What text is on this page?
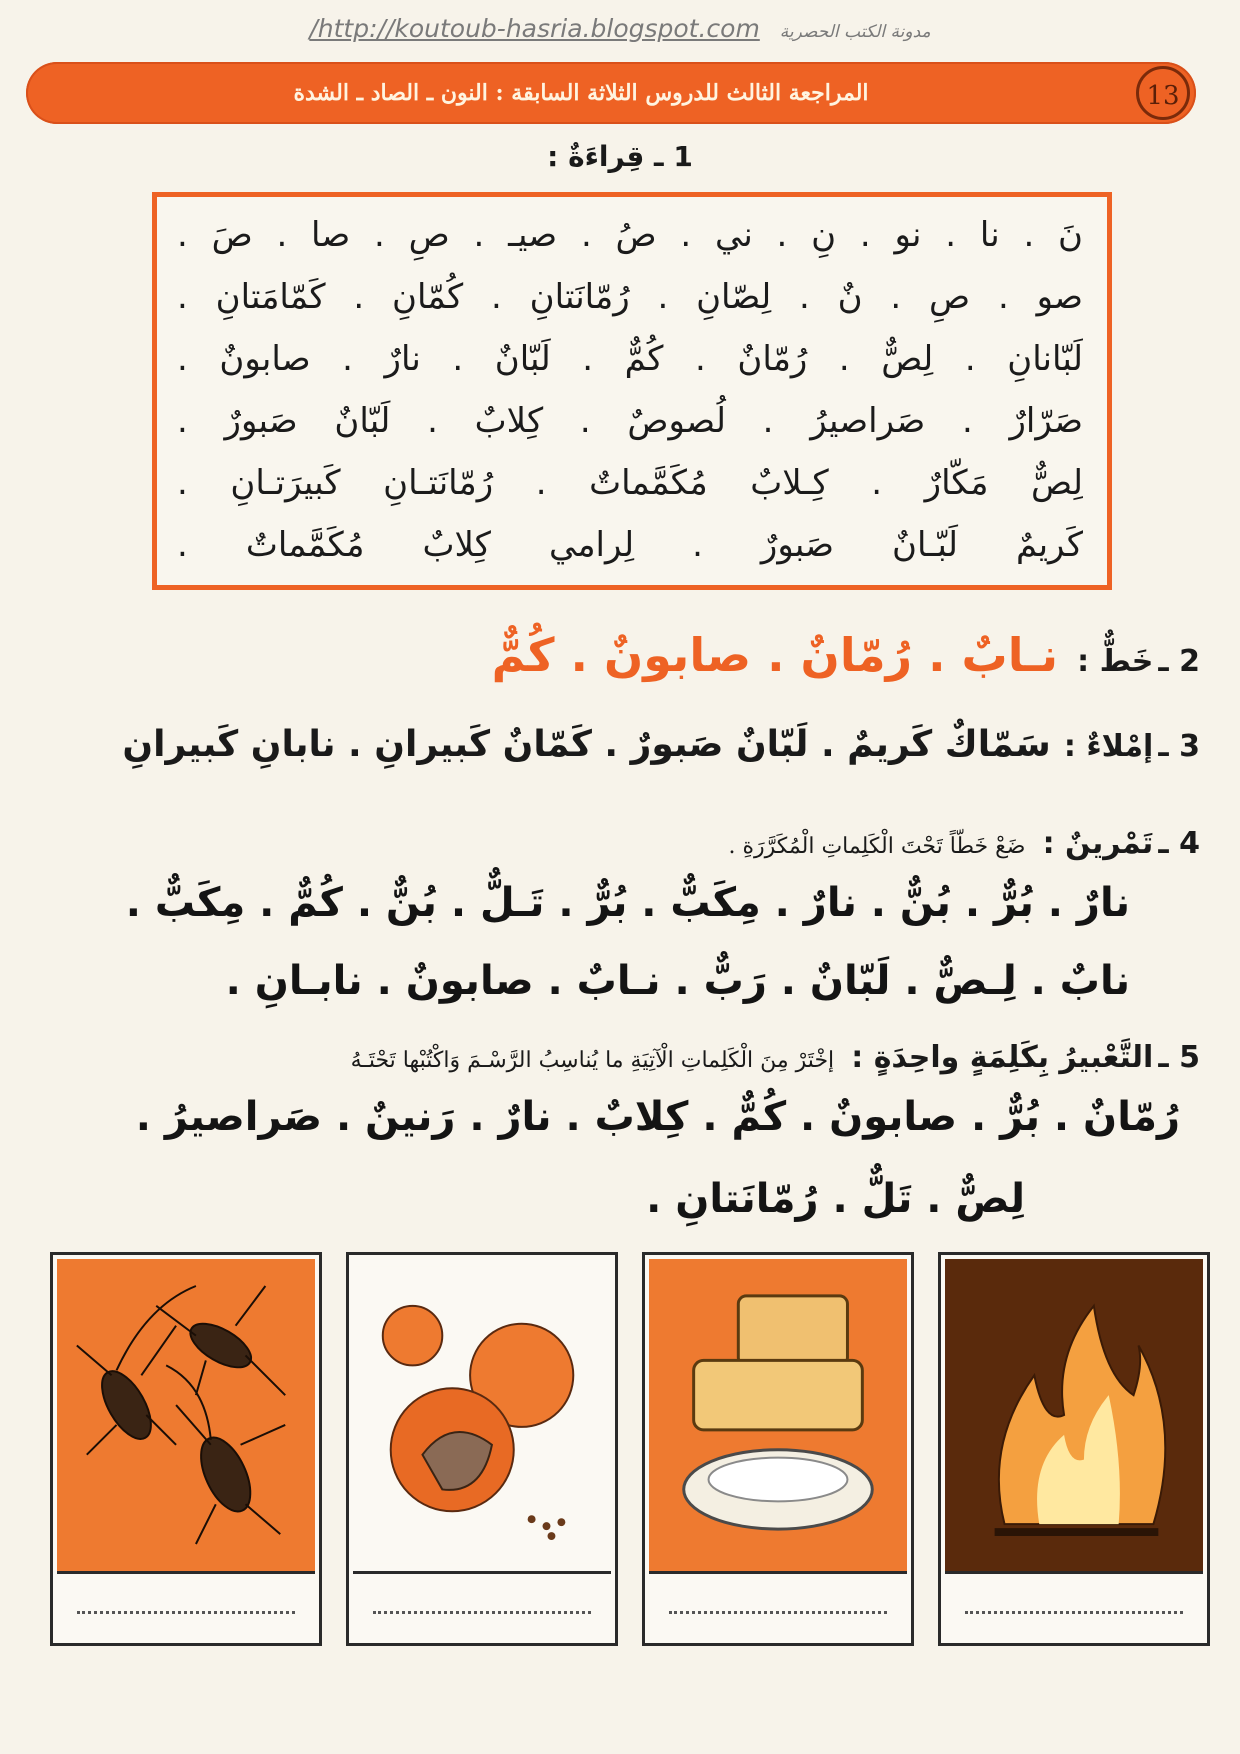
/http://koutoub-hasria.blogspot.com مدونة الكتب الحصرية
المراجعة الثالث للدروس الثلاثة السابقة : النون ـ الصاد ـ الشدة	13
1 ـ قِراءَةٌ :
نَ . نا . نو . نِ . ني . صُ . صيـ . صِ . صا . صَ .
صو . صِ . نٌ . لِصّانِ . رُمّانَتانِ . كُمّانِ . كَمّامَتانِ .
لَبّانانِ . لِصٌّ . رُمّانٌ . كُمٌّ . لَبّانٌ . نارٌ . صابونٌ .
صَرّارٌ . صَراصيرُ . لُصوصٌ . كِلابٌ . لَبّانٌ صَبورٌ .
لِصٌّ مَكّارٌ . كِـلابٌ مُكَمَّماتٌ . رُمّانَتـانِ كَبيرَتـانِ .
كَريمٌ لَبّـانٌ صَبورٌ . لِرامي كِلابٌ مُكَمَّماتٌ .
2 ـ خَطٌّ : نـابٌ . رُمّانٌ . صابونٌ . كُمٌّ
3 ـ إمْلاءٌ : سَمّاكٌ كَريمٌ . لَبّانٌ صَبورٌ . كَمّانٌ كَبيرانِ . نابانِ كَبيرانِ
4 ـ تَمْرينٌ : ضَعْ خَطّاً تَحْتَ الْكَلِماتِ الْمُكَرَّرَةِ .
نارٌ . بُرٌّ . بُنٌّ . نارٌ . مِكَبٌّ . بُرٌّ . تَـلٌّ . بُنٌّ . كُمٌّ . مِكَبٌّ .
نابٌ . لِـصٌّ . لَبّانٌ . رَبٌّ . نـابٌ . صابونٌ . نابـانِ .
5 ـ التَّعْبيرُ بِكَلِمَةٍ واحِدَةٍ : إخْتَرْ مِنَ الْكَلِماتِ الْآتِيَةِ ما يُناسِبُ الرَّسْـمَ وَاكْتُبْها تَحْتَـهُ
رُمّانٌ . بُرٌّ . صابونٌ . كُمٌّ . كِلابٌ . نارٌ . رَنينٌ . صَراصيرُ .
لِصٌّ . تَلٌّ . رُمّانَتانِ .
